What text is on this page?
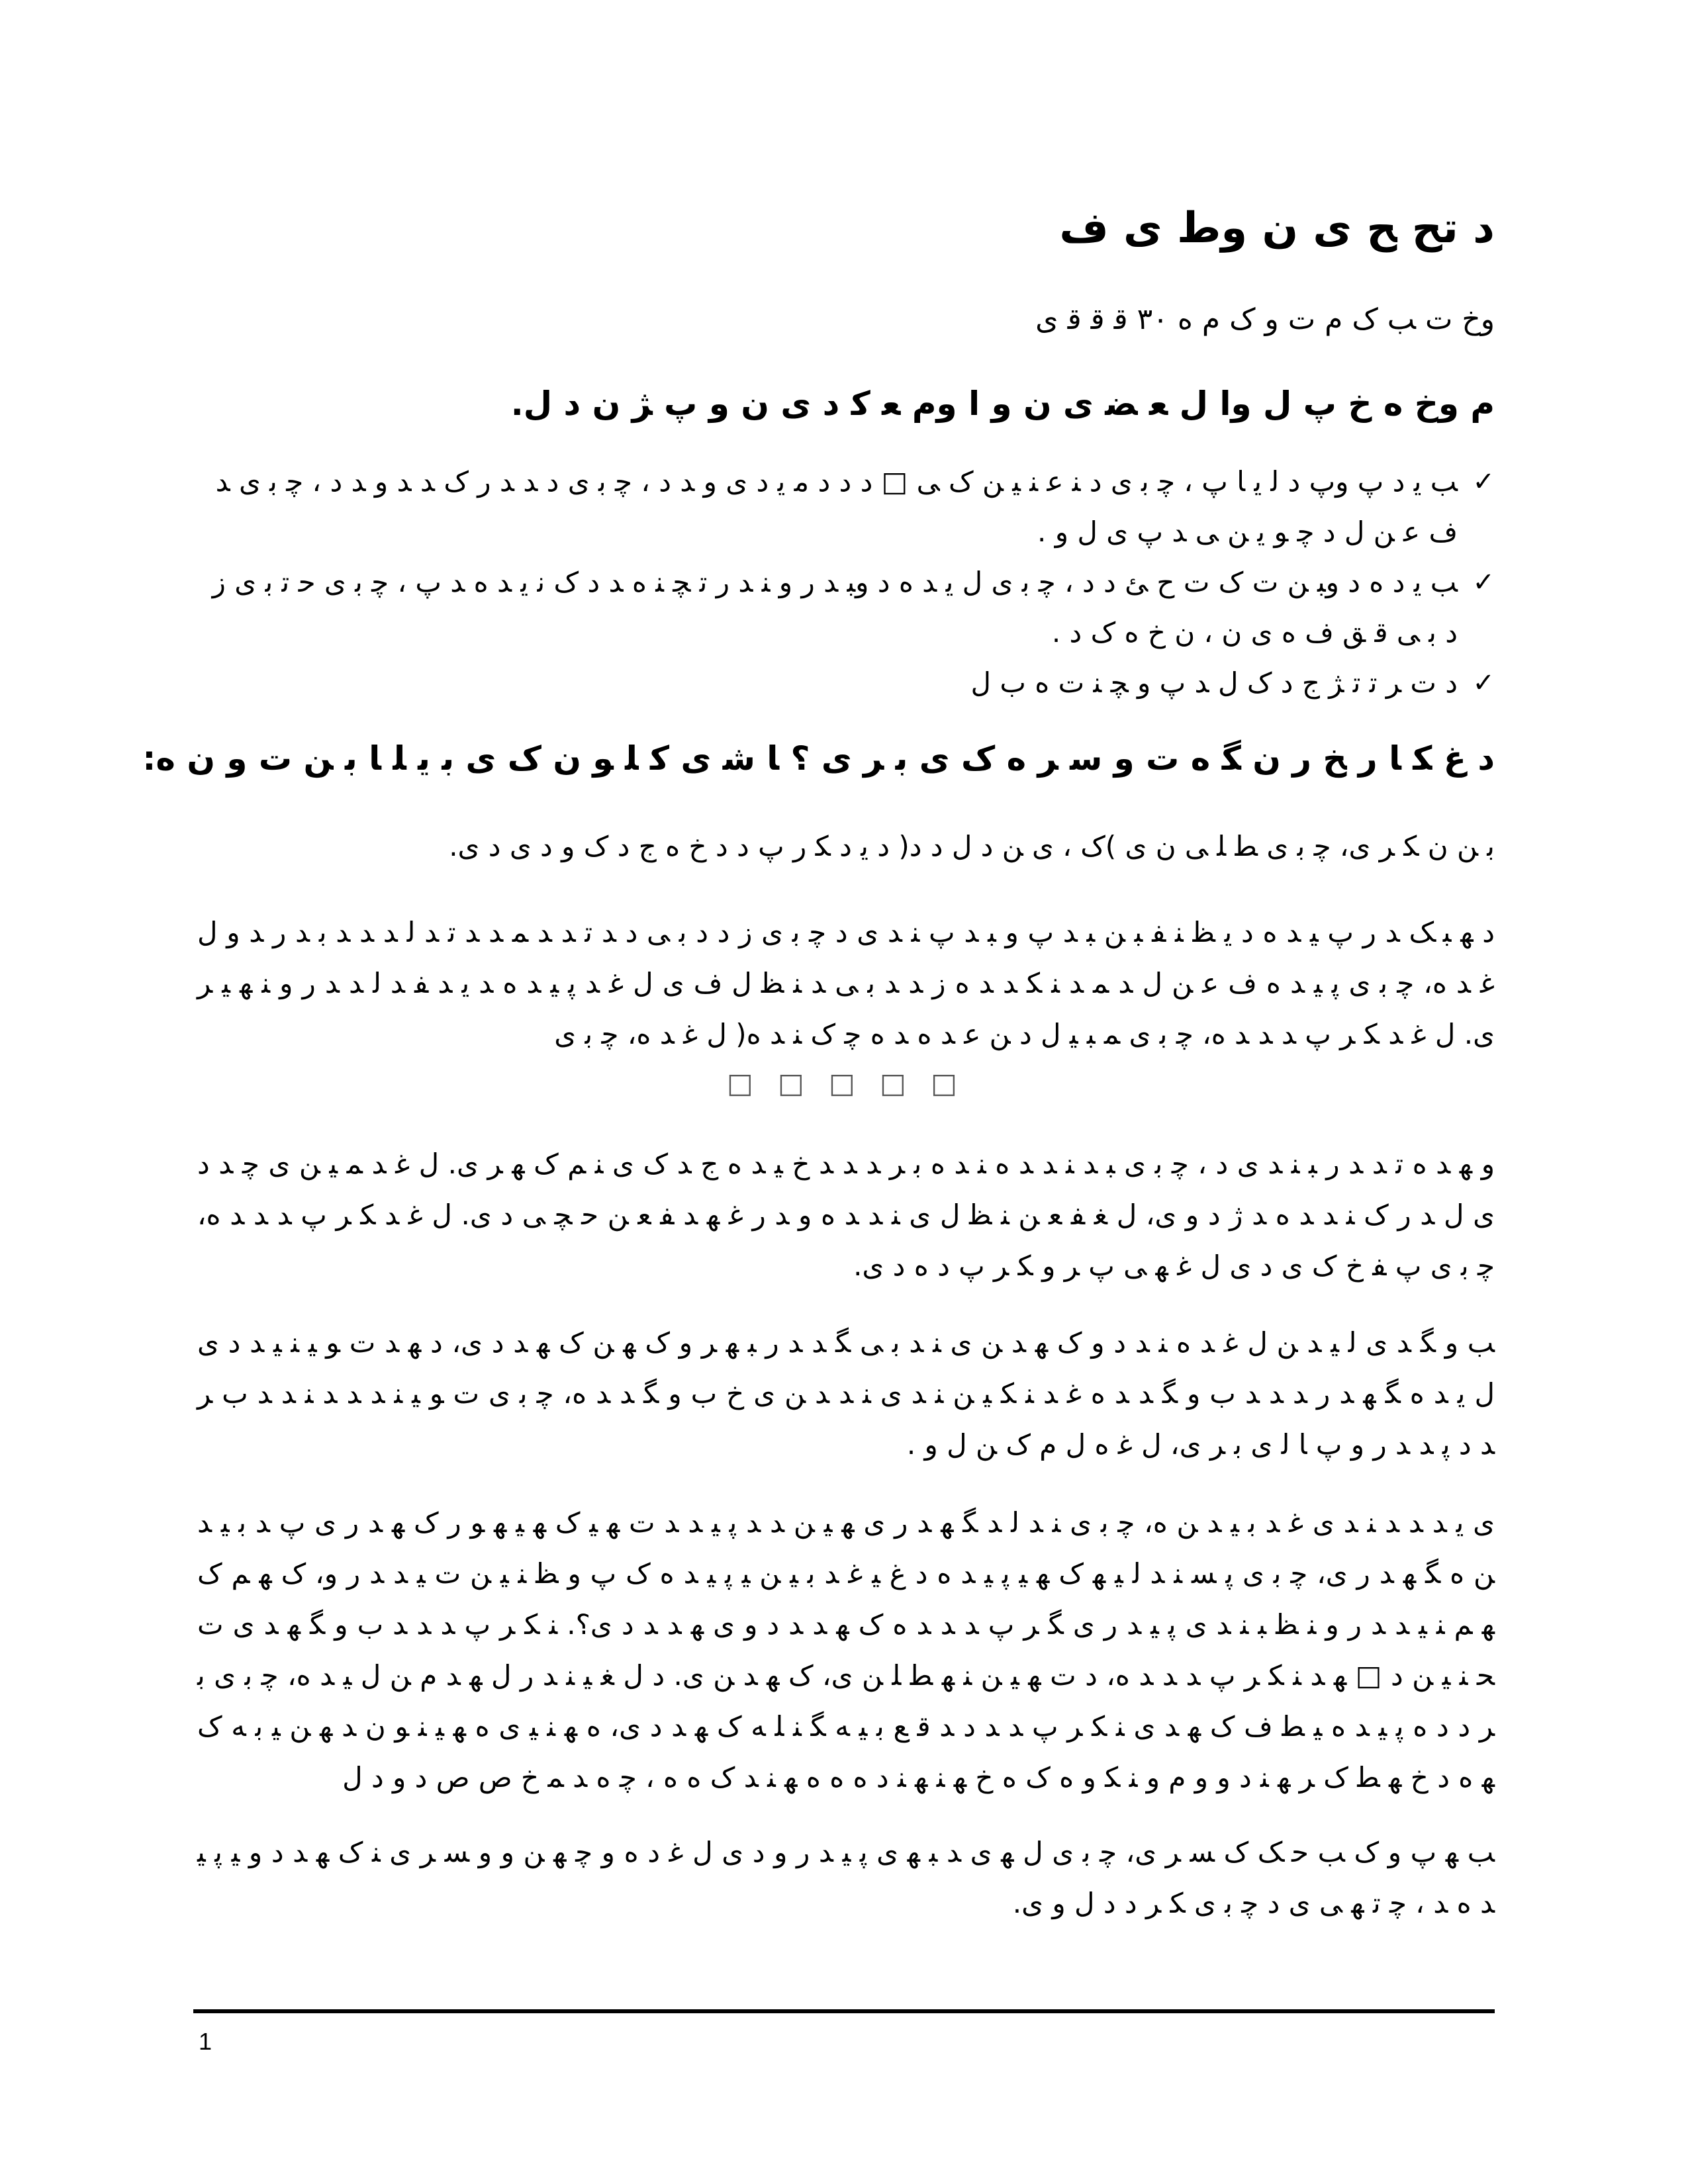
د ﺗﺢ ﺢ ی ﻥ وط ی ف
وخ ت ﺐ ک م ت و ک م ه ۳۰ ﻗ ﻗ ﻗ ی
م وخ ﻩ خ پ ل وا ل ﻌ ﻀ ی ن و ا وم ﻌ ﮐ د ی ن و پ ﮋ ن د ل.
✓
ﺐ ﻳ د پ وپ د ﻟ ﯾ ﺎ پ ، ﭼ ﺑ ی د ﻨ ﻋ ﻨ ﯿ ﻦ ک ﯽ □ د د د ﻣ ﯾ د ی و ﺪ د ، ﭼ ﺑ ی د ﺪ ﺪ ر ک ﺪ ﺪ و ﺪ د ، ﭼ ﺑ ی ﺪ ف ﻋ ﻦ ل د ﭼ ﻮ ﻳ ﻦ ﯽ ﺪ پ ی ل و .
✓
ﺐ ﻳ د ه د وﺒ ﻦ ت ک ت ح ﺊ د د ، ﭼ ﺑ ی ل ﻳ ﺪ ه د وﺒ ﺪ ر و ﻨ ﺪ ر ﺗ ﭽ ﻨ ه ﺪ د ک ﻧ ﻳ ﺪ ه ﺪ پ ، ﭼ ﺑ ی ﺣ ﺗ ﺑ ی ز د ﺑ ﻰ ﻗ ﻖ ف ه ی ن ، ن خ ه ک د .
✓
د ت ﺮ ﺗ ﺗ ﮋ ج د ک ل ﺪ پ و ﭽ ﻨ ت ه ب ل
د غ ﮑ ﺎ ر ﺦ ر ن ﮕ ه ت و ﺳ ﺮ ﻩ ک ی ﺑ ﺮ ی ؟ ﺎ ﺷ ی ﮐ ﻠ ﻮ ن ک ی ﺑ ﯾ ﻠ ﺎ ﺑ ﻦ ت و ن ه:

ﺑ ﻦ ن ﮑ ﺮ ی، ﭼ ﺑ ی ﻄ ﻠ ﯽ ن ی )ک ، ی ﻦ د ل د د( د ﻳ د ﮑ ر پ د د خ ه ج د ک و د ی د ی.

د ﻬ ﺒ ﮏ ﺪ ر پ ﻴ ﺪ ه د ﻳ ﻈ ﻨ ﻔ ﺒ ﻦ ﺒ ﺪ پ و ﺒ ﺪ پ ﻨ ﺪ ی د ﭼ ﺑ ی ز د د ﺑ ﻰ د ﺪ ﺗ ﺪ ﺪ ﻤ ﺪ ﺪ ﺗ ﺪ ﻟ ﺪ ﺪ ﺪ ﺑ ﺪ ر ﺪ و ل ﻏ ﺪ ه، ﭼ ﺑ ی ﭘ ﻴ ﺪ ه ف ﻋ ﻦ ل ﺪ ﻤ ﺪ ﻨ ﮑ ﺪ ﺪ ه ز ﺪ ﺪ ﺑ ﻰ ﺪ ﻨ ﻈ ل ف ی ل ﻏ ﺪ ﭘ ﻴ ﺪ ه ﺪ ﻳ ﺪ ﻔ ﺪ ﻟ ﺪ ﺪ ر و ﻨ ﻬ ﻴ ﺮ ی. ل ﻏ ﺪ ﮑ ﺮ پ ﺪ ﺪ ﺪ ه، ﭼ ﺑ ی ﻤ ﺒ ﻴ ل د ﻦ ﻋ ﺪ ه ﺪ ه ﭼ ک ﻨ ﺪ ه( ل ﻏ ﺪ ه، ﭼ ﺑ ی

□ □ □ □ □

و ﻬ ﺪ ه ﺗ ﺪ ﺪ ر ﺒ ﻨ ﺪ ی د ، ﭼ ﺑ ی ﺒ ﺪ ﻨ ﺪ ﺪ ه ﻨ ﺪ ه ﺑ ﺮ ﺪ ﺪ ﺪ خ ﻴ ﺪ ه ج ﺪ ک ی ﻨ ﻢ ک ﻬ ﺮ ی. ل ﻏ ﺪ ﻤ ﻴ ﻦ ی ﭼ ﺪ د ی ل ﺪ ر ک ﻨ ﺪ ﺪ ه ﺪ ژ د و ی، ل ﻐ ﻔ ﻌ ﻦ ﻨ ﻈ ل ی ﻨ ﺪ ﺪ ه و ﺪ ر ﻏ ﻬ ﺪ ﻔ ﻌ ﻦ ﺣ ﭽ ﻰ د ی. ل ﻏ ﺪ ﮑ ﺮ پ ﺪ ﺪ ﺪ ه، ﭼ ﺑ ی پ ﻔ خ ک ی د ی ل ﻏ ﻬ ﻰ پ ﺮ و ﮑ ﺮ پ د ه د ی.

ﺐ و ﮕ ﺪ ی ﻟ ﻴ ﺪ ﻦ ل ﻏ ﺪ ه ﻨ ﺪ د و ک ﻬ ﺪ ﻦ ی ﻨ ﺪ ﺑ ﻰ ﮕ ﺪ ﺪ ر ﺒ ﻬ ﺮ و ک ﻬ ﻦ ک ﻬ ﺪ د ی، د ﻬ ﺪ ت ﻮ ﻴ ﻨ ﻴ ﺪ د ی ل ﻳ ﺪ ه ﮕ ﻬ ﺪ ر ﺪ ﺪ ﺪ ب و ﮕ ﺪ ﺪ ه ﻏ ﺪ ﻨ ﮑ ﻴ ﻦ ﻨ ﺪ ی ﻨ ﺪ ﺪ ﻦ ی خ ب و ﮕ ﺪ ﺪ ه، ﭼ ﺑ ی ت ﻮ ﻴ ﻨ ﺪ ﺪ ﺪ ﻨ ﺪ ﺪ ب ﺮ ﺪ د ﭘ ﺪ ﺪ ر و پ ﺎ ﻟ ی ﺑ ﺮ ی، ل ﻏ ه ل م ک ﻦ ل و .

ی ﻳ ﺪ ﺪ ﺪ ﻨ ﺪ ی ﻏ ﺪ ﺑ ﻴ ﺪ ﻦ ه، ﭼ ﺑ ی ﻨ ﺪ ﻟ ﺪ ﮕ ﻬ ﺪ ر ی ﻬ ﻴ ﻦ ﺪ ﺪ ﭘ ﻴ ﺪ ﺪ ت ﻬ ﻴ ک ﻬ ﻴ ﻬ ﻮ ر ک ﻬ ﺪ ر ی پ ﺪ ﺑ ﻴ ﺪ ﻦ ه ﮕ ﻬ ﺪ ر ی، ﭼ ﺑ ی ﭘ ﺴ ﻨ ﺪ ﻟ ﻴ ﻬ ک ﻬ ﻴ ﭘ ﻴ ﺪ ه د غ ﻴ ﻏ ﺪ ﺑ ﻴ ﻦ ﻴ ﭘ ﻴ ﺪ ه ک پ و ﻈ ﻨ ﻴ ﻦ ت ﻴ ﺪ ﺪ ر و، ک ﻬ ﻢ ک ﻬ ﻢ ﻨ ﻴ ﺪ ﺪ ر و ﻨ ﻈ ﺒ ﻨ ﺪ ی ﭘ ﻴ ﺪ ر ی ﮕ ﺮ پ ﺪ ﺪ ﺪ ه ک ﻬ ﺪ ﺪ د و ی ﻬ ﺪ ﺪ د ی؟. ﻨ ﮑ ﺮ پ ﺪ ﺪ ﺪ ب و ﮕ ﻬ ﺪ ی ت ﺤ ﻨ ﻴ ﻦ د □ ﻬ ﺪ ﻨ ﮑ ﺮ پ ﺪ ﺪ ﺪ ه، د ت ﻬ ﻴ ﻦ ﻨ ﻬ ﻄ ﻠ ﻦ ی، ک ﻬ ﺪ ﻦ ی. د ل ﻐ ﻴ ﻨ ﺪ ر ل ﻬ ﺪ م ﻦ ل ﻴ ﺪ ه، ﭼ ﺑ ی ﺑ ﺮ د د ه ﭘ ﻴ ﺪ ه ﻴ ﻄ ف ک ﻬ ﺪ ی ﻨ ﮑ ﺮ پ ﺪ ﺪ د ﺪ ﻗ ﻊ ﺑ ﻴ ﻪ ﮕ ﻨ ﻠ ﻪ ک ﻬ ﺪ د ی، ه ﻬ ﻨ ﻴ ی ه ﻬ ﻴ ﻨ ﻮ ن ﺪ ﻬ ﻦ ﻴ ﺑ ﻪ ک ﻬ ه د خ ﻬ ﻄ ک ﺮ ﻬ ﻨ د و و م و ﻨ ﮑ و ه ک ه خ ﻬ ﻨ ﻬ ﻨ د ه ه ه ﻬ ﻨ ﺪ ک ه ه ، ﭼ ه ﺪ ﻤ خ ص ص د و د ل

ﺐ ﻬ پ و ک ﺐ ﺣ ﮏ ک ﺴ ﺮ ی، ﭼ ﺑ ی ل ﻬ ی ﺪ ﺒ ﻬ ی ﭘ ﻴ ﺪ ر و د ی ل ﻏ د ه و ﭼ ﻬ ﻦ و ﻭ ﺴ ﺮ ی ﻨ ک ﻬ ﺪ د و ﻴ ﭘ ﻴ ﺪ ه ﺪ ، ﭼ ﺗ ﻬ ﯽ ی د ﭼ ﺑ ی ﮑ ﺮ د د ل و ی.

1
